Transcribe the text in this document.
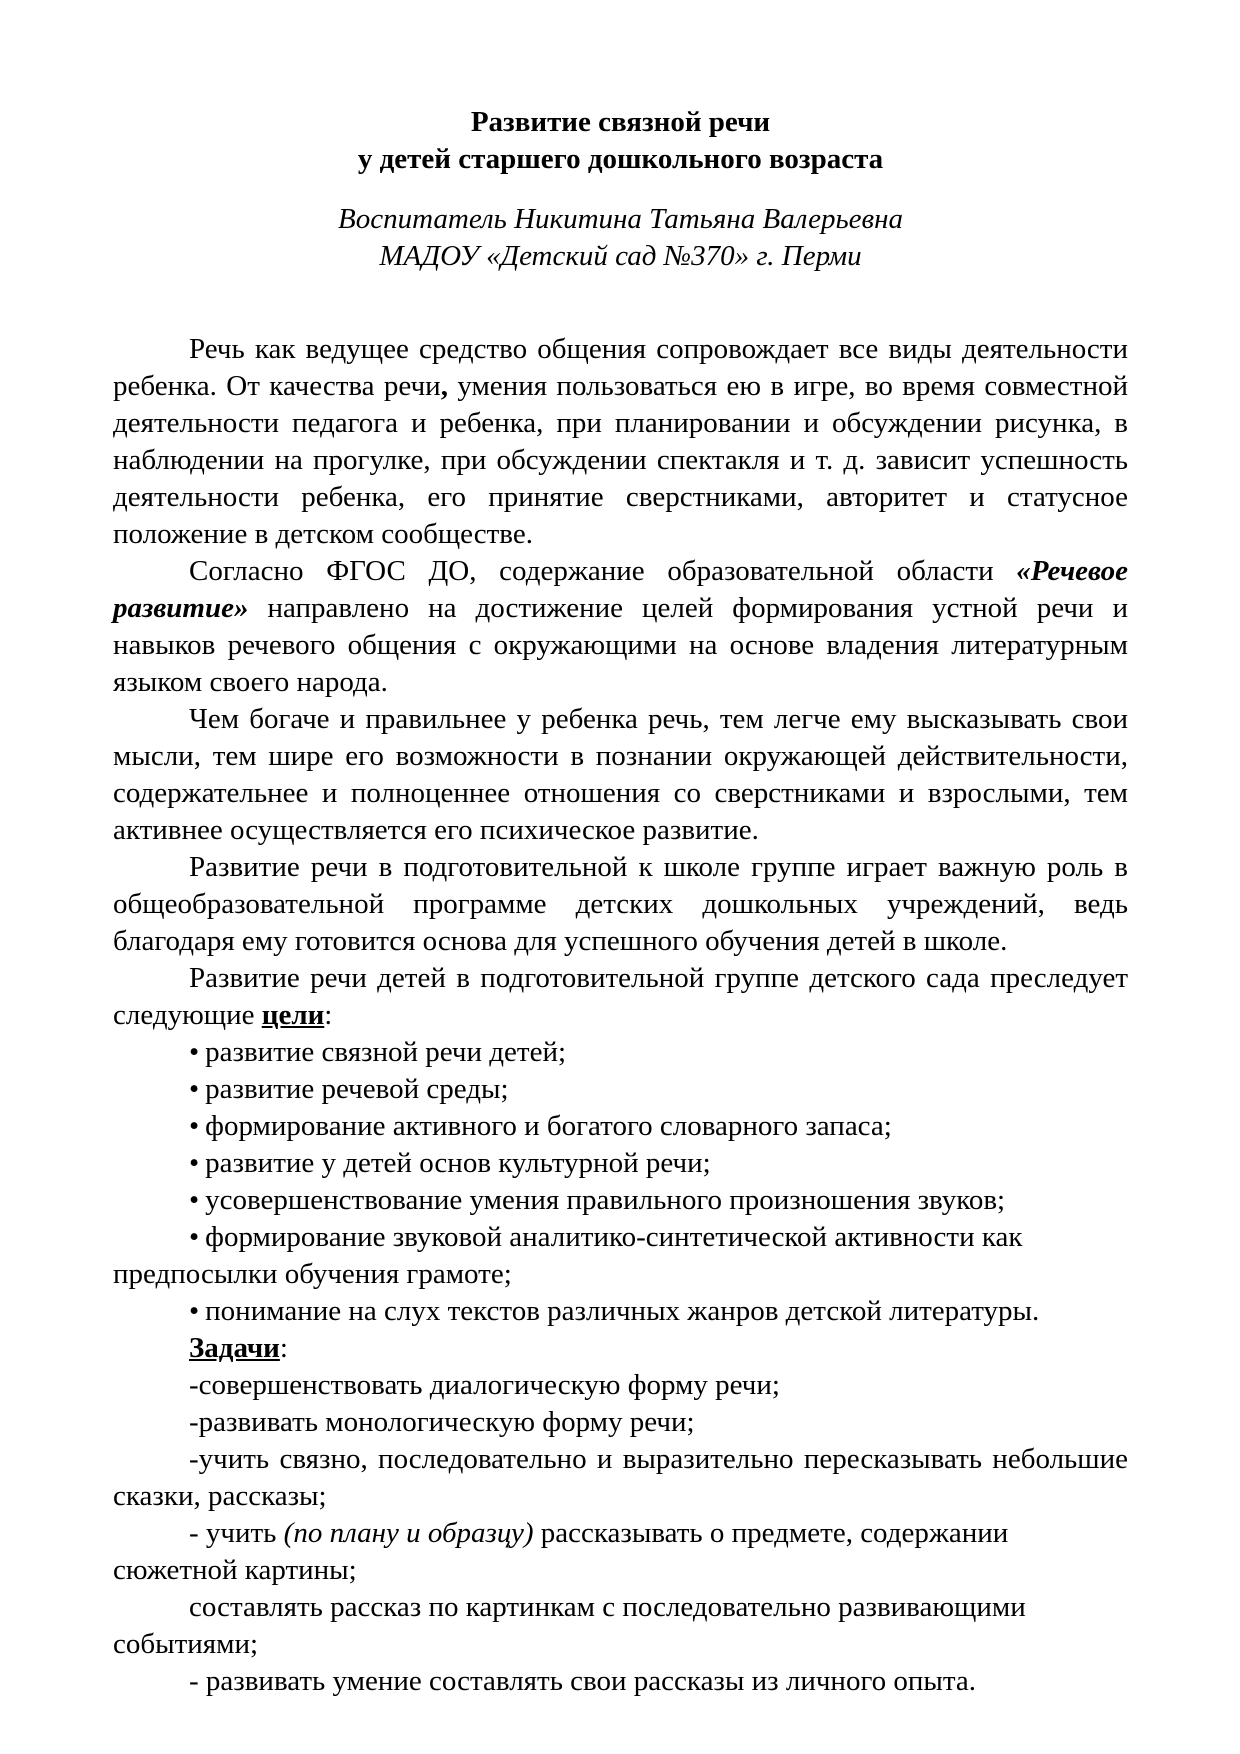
Развитие связной речи
у детей старшего дошкольного возраста
Воспитатель Никитина Татьяна Валерьевна
МАДОУ «Детский сад №370» г. Перми

Речь как ведущее средство общения сопровождает все виды деятельности ребенка. От качества речи, умения пользоваться ею в игре, во время совместной деятельности педагога и ребенка, при планировании и обсуждении рисунка, в наблюдении на прогулке, при обсуждении спектакля и т. д. зависит успешность деятельности ребенка, его принятие сверстниками, авторитет и статусное положение в детском сообществе.

Согласно ФГОС ДО, содержание образовательной области «Речевое развитие» направлено на достижение целей формирования устной речи и навыков речевого общения с окружающими на основе владения литературным языком своего народа.

Чем богаче и правильнее у ребенка речь, тем легче ему высказывать свои мысли, тем шире его возможности в познании окружающей действительности, содержательнее и полноценнее отношения со сверстниками и взрослыми, тем активнее осуществляется его психическое развитие.

Развитие речи в подготовительной к школе группе играет важную роль в общеобразовательной программе детских дошкольных учреждений, ведь благодаря ему готовится основа для успешного обучения детей в школе.

Развитие речи детей в подготовительной группе детского сада преследует следующие цели:

• развитие связной речи детей;

• развитие речевой среды;

• формирование активного и богатого словарного запаса;

• развитие у детей основ культурной речи;

• усовершенствование умения правильного произношения звуков;

• формирование звуковой аналитико-синтетической активности как предпосылки обучения грамоте;

• понимание на слух текстов различных жанров детской литературы.

Задачи:

-совершенствовать диалогическую форму речи;

-развивать монологическую форму речи;

-учить связно, последовательно и выразительно пересказывать небольшие сказки, рассказы;

- учить (по плану и образцу) рассказывать о предмете, содержании сюжетной картины;

составлять рассказ по картинкам с последовательно развивающими событиями;

- развивать умение составлять свои рассказы из личного опыта.
